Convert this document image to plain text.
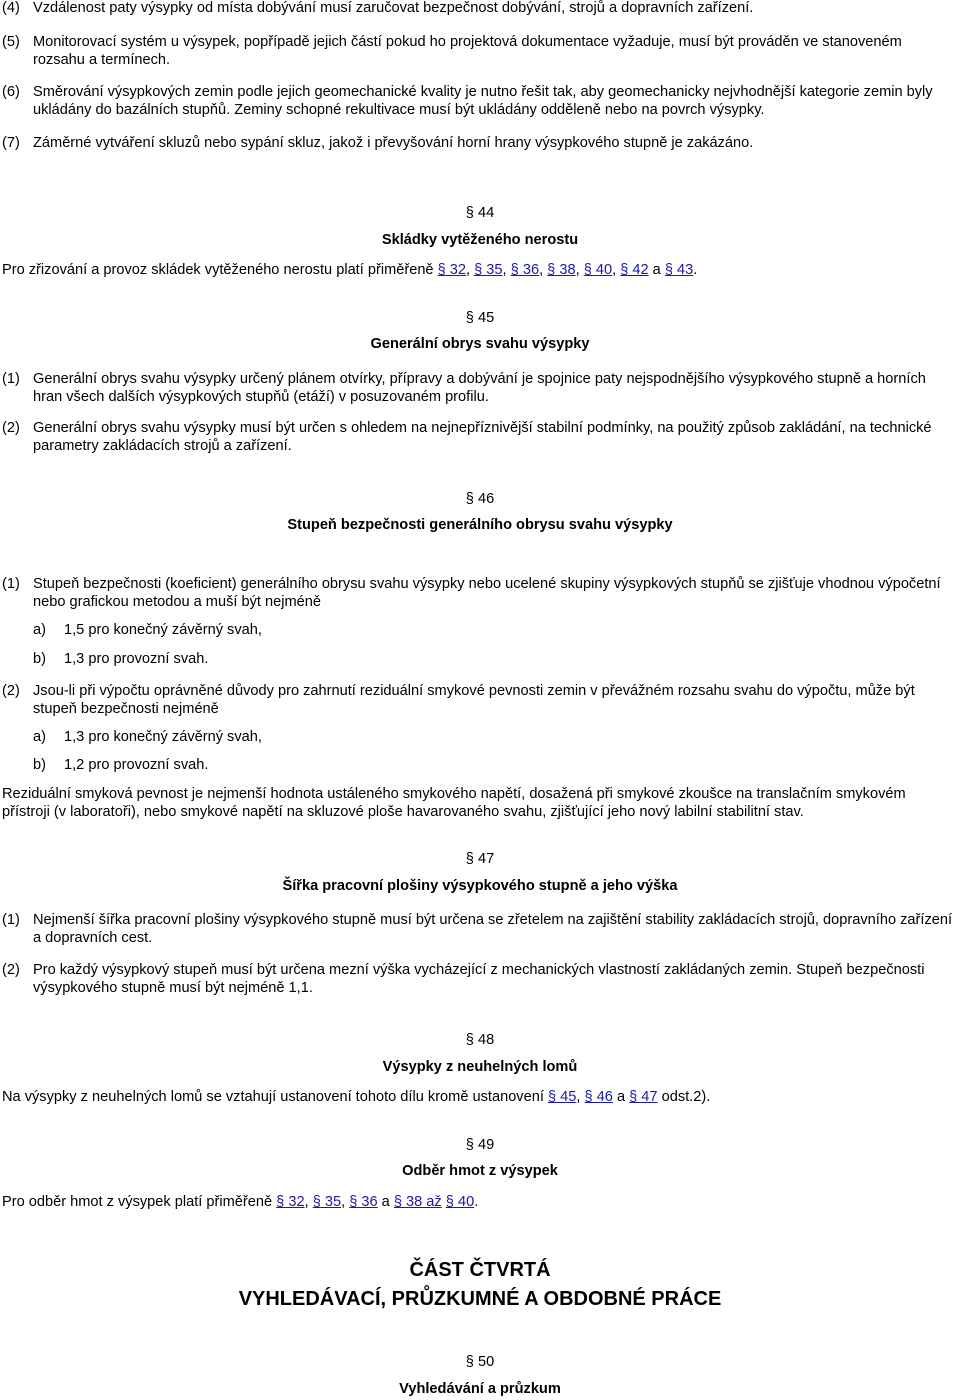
(4) Vzdálenost paty výsypky od místa dobývání musí zaručovat bezpečnost dobývání, strojů a dopravních zařízení.

(5) Monitorovací systém u výsypek, popřípadě jejich částí pokud ho projektová dokumentace vyžaduje, musí být prováděn ve stanoveném rozsahu a termínech.

(6) Směrování výsypkových zemin podle jejich geomechanické kvality je nutno řešit tak, aby geomechanicky nejvhodnější kategorie zemin byly ukládány do bazálních stupňů. Zeminy schopné rekultivace musí být ukládány odděleně nebo na povrch výsypky.

(7) Záměrné vytváření skluzů nebo sypání skluz, jakož i převyšování horní hrany výsypkového stupně je zakázáno.

§ 44

Skládky vytěženého nerostu

Pro zřizování a provoz skládek vytěženého nerostu platí přiměřeně § 32, § 35, § 36, § 38, § 40, § 42 a § 43.

§ 45

Generální obrys svahu výsypky

(1) Generální obrys svahu výsypky určený plánem otvírky, přípravy a dobývání je spojnice paty nejspodnějšího výsypkového stupně a horních hran všech dalších výsypkových stupňů (etáží) v posuzovaném profilu.

(2) Generální obrys svahu výsypky musí být určen s ohledem na nejnepříznivější stabilní podmínky, na použitý způsob zakládání, na technické parametry zakládacích strojů a zařízení.

§ 46

Stupeň bezpečnosti generálního obrysu svahu výsypky

(1) Stupeň bezpečnosti (koeficient) generálního obrysu svahu výsypky nebo ucelené skupiny výsypkových stupňů se zjišťuje vhodnou výpočetní nebo grafickou metodou a muší být nejméně

a) 1,5 pro konečný závěrný svah,

b) 1,3 pro provozní svah.

(2) Jsou-li při výpočtu oprávněné důvody pro zahrnutí reziduální smykové pevnosti zemin v převážném rozsahu svahu do výpočtu, může být stupeň bezpečnosti nejméně

a) 1,3 pro konečný závěrný svah,

b) 1,2 pro provozní svah.

Reziduální smyková pevnost je nejmenší hodnota ustáleného smykového napětí, dosažená při smykové zkoušce na translačním smykovém přístroji (v laboratoři), nebo smykové napětí na skluzové ploše havarovaného svahu, zjišťující jeho nový labilní stabilitní stav.

§ 47

Šířka pracovní plošiny výsypkového stupně a jeho výška

(1) Nejmenší šířka pracovní plošiny výsypkového stupně musí být určena se zřetelem na zajištění stability zakládacích strojů, dopravního zařízení a dopravních cest.

(2) Pro každý výsypkový stupeň musí být určena mezní výška vycházející z mechanických vlastností zakládaných zemin. Stupeň bezpečnosti výsypkového stupně musí být nejméně 1,1.

§ 48

Výsypky z neuhelných lomů

Na výsypky z neuhelných lomů se vztahují ustanovení tohoto dílu kromě ustanovení § 45, § 46 a § 47 odst.2).

§ 49

Odběr hmot z výsypek

Pro odběr hmot z výsypek platí přiměřeně § 32, § 35, § 36 a § 38 až § 40.

ČÁST ČTVRTÁ

VYHLEDÁVACÍ, PRŮZKUMNÉ A OBDOBNÉ PRÁCE

§ 50

Vyhledávání a průzkum
